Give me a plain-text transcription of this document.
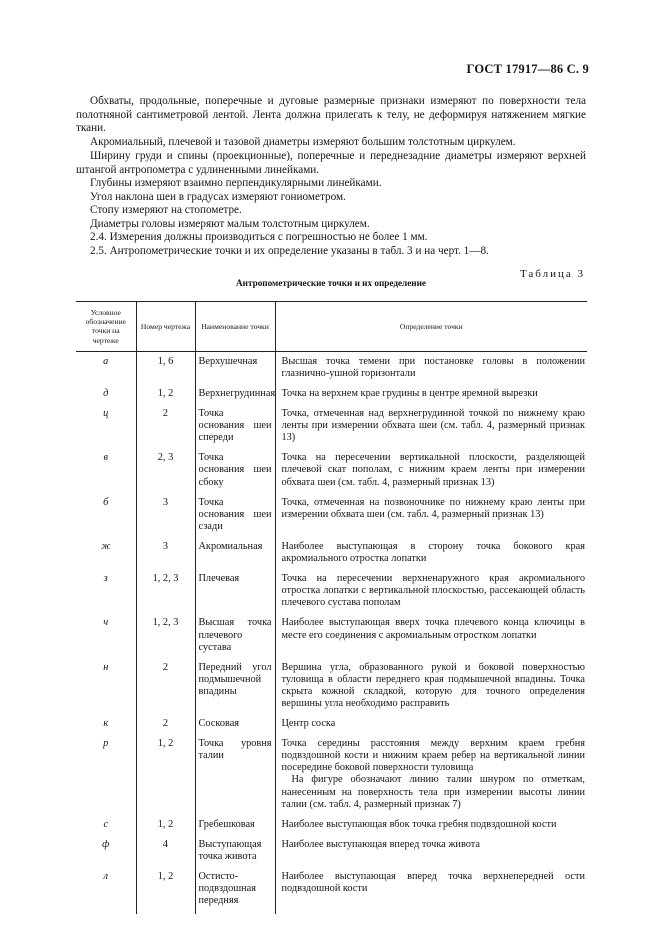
ГОСТ 17917—86 С. 9

Обхваты, продольные, поперечные и дуговые размерные признаки измеряют по поверхности тела полотняной сантиметровой лентой. Лента должна прилегать к телу, не деформируя натяжением мягкие ткани.

Акромиальный, плечевой и тазовой диаметры измеряют большим толстотным циркулем.

Ширину груди и спины (проекционные), поперечные и переднезадние диаметры измеряют верхней штангой антропометра с удлиненными линейками.

Глубины измеряют взаимно перпендикулярными линейками.

Угол наклона шеи в градусах измеряют гониометром.

Стопу измеряют на стопометре.

Диаметры головы измеряют малым толстотным циркулем.

2.4. Измерения должны производиться с погрешностью не более 1 мм.

2.5. Антропометрические точки и их определение указаны в табл. 3 и на черт. 1—8.

Таблица 3
Антропометрические точки и их определение
Условное обозначение точки на чертеже	Номер чертежа	Наименование точки	Определение точки
а	1, 6	Верхушечная	Высшая точка темени при постановке головы в положении глазнично-ушной горизонтали

д	1, 2	Верхнегрудинная	Точка на верхнем крае грудины в центре яремной вырезки

ц	2	Точка основания шеи спереди	Точка, отмеченная над верхнегрудинной точкой по нижнему краю ленты при измерении обхвата шеи (см. табл. 4, размерный признак 13)

в	2, 3	Точка основания шеи сбоку	Точка на пересечении вертикальной плоскости, разделяющей плечевой скат пополам, с нижним краем ленты при измерении обхвата шеи (см. табл. 4, размерный признак 13)

б	3	Точка основания шеи сзади	Точка, отмеченная на позвоночнике по нижнему краю ленты при измерении обхвата шеи (см. табл. 4, размерный признак 13)

ж	3	Акромиальная	Наиболее выступающая в сторону точка бокового края акромиального отростка лопатки

з	1, 2, 3	Плечевая	Точка на пересечении верхненаружного края акромиального отростка лопатки с вертикальной плоскостью, рассекающей область плечевого сустава пополам

ч	1, 2, 3	Высшая точка плечевого сустава	Наиболее выступающая вверх точка плечевого конца ключицы в месте его соединения с акромиальным отростком лопатки

н	2	Передний угол подмышечной впадины	Вершина угла, образованного рукой и боковой поверхностью туловища в области переднего края подмышечной впадины. Точка скрыта кожной складкой, которую для точного определения вершины угла необходимо расправить

к	2	Сосковая	Центр соска

р	1, 2	Точка уровня талии	Точка середины расстояния между верхним краем гребня подвздошной кости и нижним краем ребер на вертикальной линии посередине боковой поверхности туловища
На фигуре обозначают линию талии шнуром по отметкам, нанесенным на поверхность тела при измерении высоты линии талии (см. табл. 4, размерный признак 7)

с	1, 2	Гребешковая	Наиболее выступающая вбок точка гребня подвздошной кости

ф	4	Выступающая точка живота	Наиболее выступающая вперед точка живота

л	1, 2	Остисто-подвздошная передняя	Наиболее выступающая вперед точка верхнепередней ости подвздошной кости
